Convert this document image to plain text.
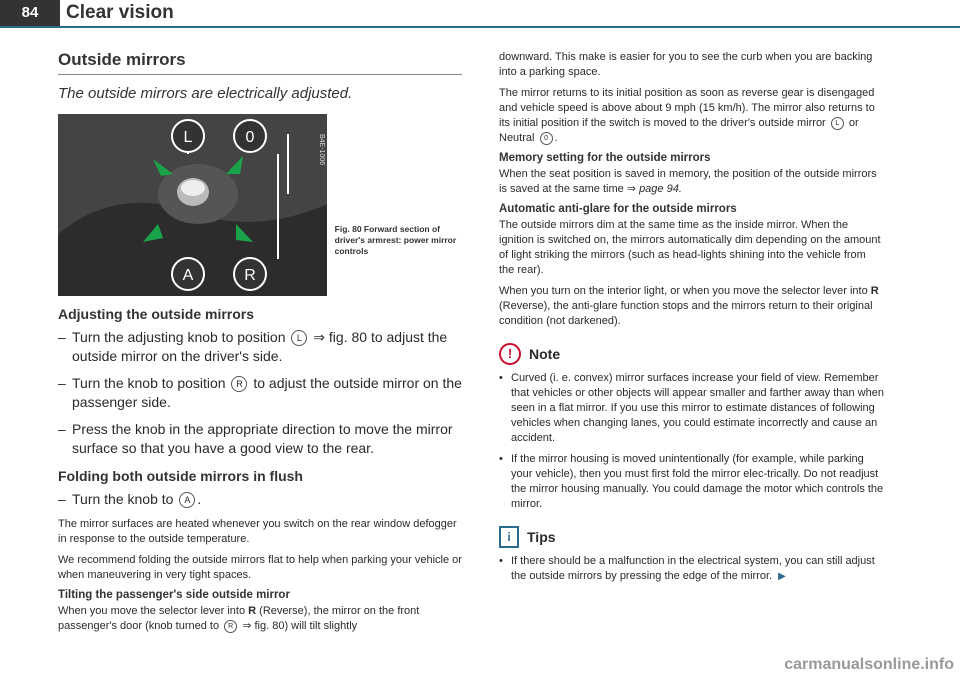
84	Clear vision
Outside mirrors
The outside mirrors are electrically adjusted.
L	0
A	R
B4E-1006
Fig. 80 Forward section of driver's armrest: power mirror controls
Adjusting the outside mirrors
– Turn the adjusting knob to position L ⇒ fig. 80 to adjust the outside mirror on the driver's side.
– Turn the knob to position R to adjust the outside mirror on the passenger side.
– Press the knob in the appropriate direction to move the mirror surface so that you have a good view to the rear.
Folding both outside mirrors in flush
– Turn the knob to A .

The mirror surfaces are heated whenever you switch on the rear window defogger in response to the outside temperature.

We recommend folding the outside mirrors flat to help when parking your vehicle or when maneuvering in very tight spaces.

Tilting the passenger's side outside mirror

When you move the selector lever into R (Reverse), the mirror on the front passenger's door (knob turned to R ⇒ fig. 80) will tilt slightly

downward. This make is easier for you to see the curb when you are backing into a parking space.

The mirror returns to its initial position as soon as reverse gear is disengaged and vehicle speed is above about 9 mph (15 km/h). The mirror also returns to its initial position if the switch is moved to the driver's outside mirror L or Neutral 0 .

Memory setting for the outside mirrors

When the seat position is saved in memory, the position of the outside mirrors is saved at the same time ⇒ page 94.

Automatic anti-glare for the outside mirrors

The outside mirrors dim at the same time as the inside mirror. When the ignition is switched on, the mirrors automatically dim depending on the amount of light striking the mirrors (such as head-lights shining into the vehicle from the rear).

When you turn on the interior light, or when you move the selector lever into R (Reverse), the anti-glare function stops and the mirrors return to their original condition (not darkened).

!	Note
• Curved (i. e. convex) mirror surfaces increase your field of view. Remember that vehicles or other objects will appear smaller and farther away than when seen in a flat mirror. If you use this mirror to estimate distances of following vehicles when changing lanes, you could estimate incorrectly and cause an accident.
• If the mirror housing is moved unintentionally (for example, while parking your vehicle), then you must first fold the mirror elec-trically. Do not readjust the mirror housing manually. You could damage the motor which controls the mirror.
i	Tips
• If there should be a malfunction in the electrical system, you can still adjust the outside mirrors by pressing the edge of the mirror. ▶
carmanualsonline.info
